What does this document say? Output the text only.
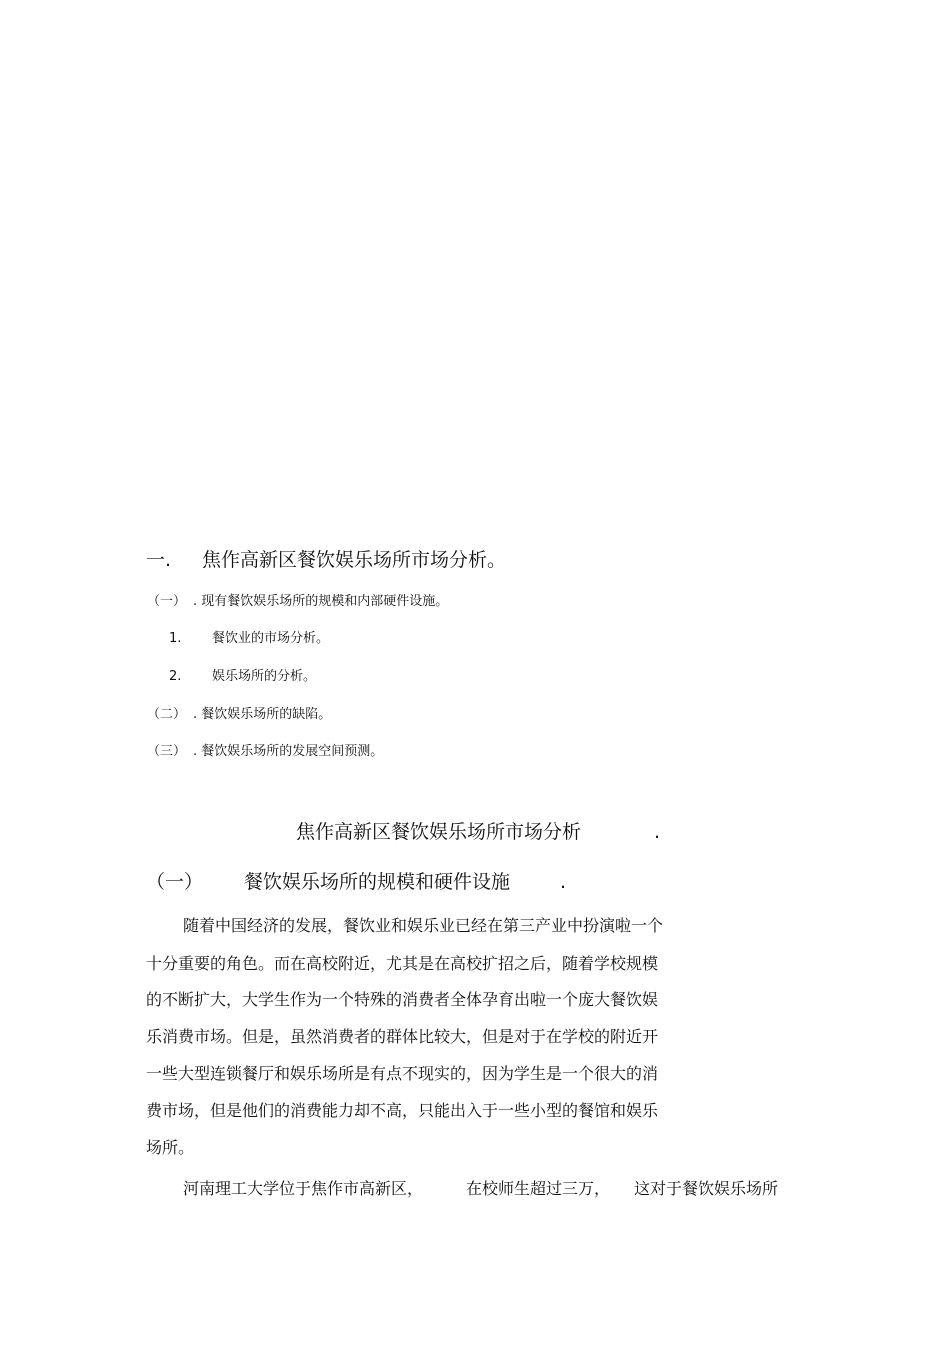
一. 焦作高新区餐饮娱乐场所市场分析。
（一） . 现有餐饮娱乐场所的规模和内部硬件设施。
1. 餐饮业的市场分析。
2. 娱乐场所的分析。
（二） . 餐饮娱乐场所的缺陷。
（三） . 餐饮娱乐场所的发展空间预测。
焦作高新区餐饮娱乐场所市场分析	.
（一） 餐饮娱乐场所的规模和硬件设施	.
随着中国经济的发展，餐饮业和娱乐业已经在第三产业中扮演啦一个
十分重要的角色。而在高校附近，尤其是在高校扩招之后，随着学校规模
的不断扩大，大学生作为一个特殊的消费者全体孕育出啦一个庞大餐饮娱
乐消费市场。但是，虽然消费者的群体比较大，但是对于在学校的附近开
一些大型连锁餐厅和娱乐场所是有点不现实的，因为学生是一个很大的消
费市场，但是他们的消费能力却不高，只能出入于一些小型的餐馆和娱乐
场所。
河南理工大学位于焦作市高新区，	在校师生超过三万， 这对于餐饮娱乐场所
